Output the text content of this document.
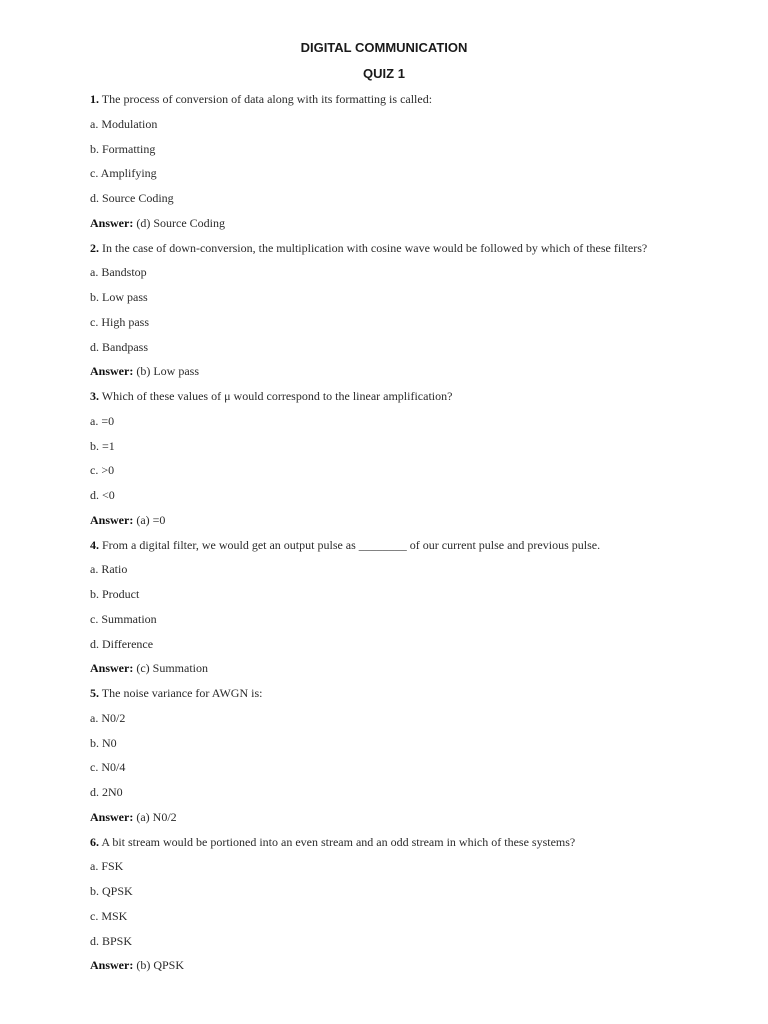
DIGITAL COMMUNICATION
QUIZ 1
1. The process of conversion of data along with its formatting is called:
a. Modulation
b. Formatting
c. Amplifying
d. Source Coding
Answer: (d) Source Coding
2. In the case of down-conversion, the multiplication with cosine wave would be followed by which of these filters?
a. Bandstop
b. Low pass
c. High pass
d. Bandpass
Answer: (b) Low pass
3. Which of these values of μ would correspond to the linear amplification?
a. =0
b. =1
c. >0
d. <0
Answer: (a) =0
4. From a digital filter, we would get an output pulse as ________ of our current pulse and previous pulse.
a. Ratio
b. Product
c. Summation
d. Difference
Answer: (c) Summation
5. The noise variance for AWGN is:
a. N0/2
b. N0
c. N0/4
d. 2N0
Answer: (a) N0/2
6. A bit stream would be portioned into an even stream and an odd stream in which of these systems?
a. FSK
b. QPSK
c. MSK
d. BPSK
Answer: (b) QPSK
